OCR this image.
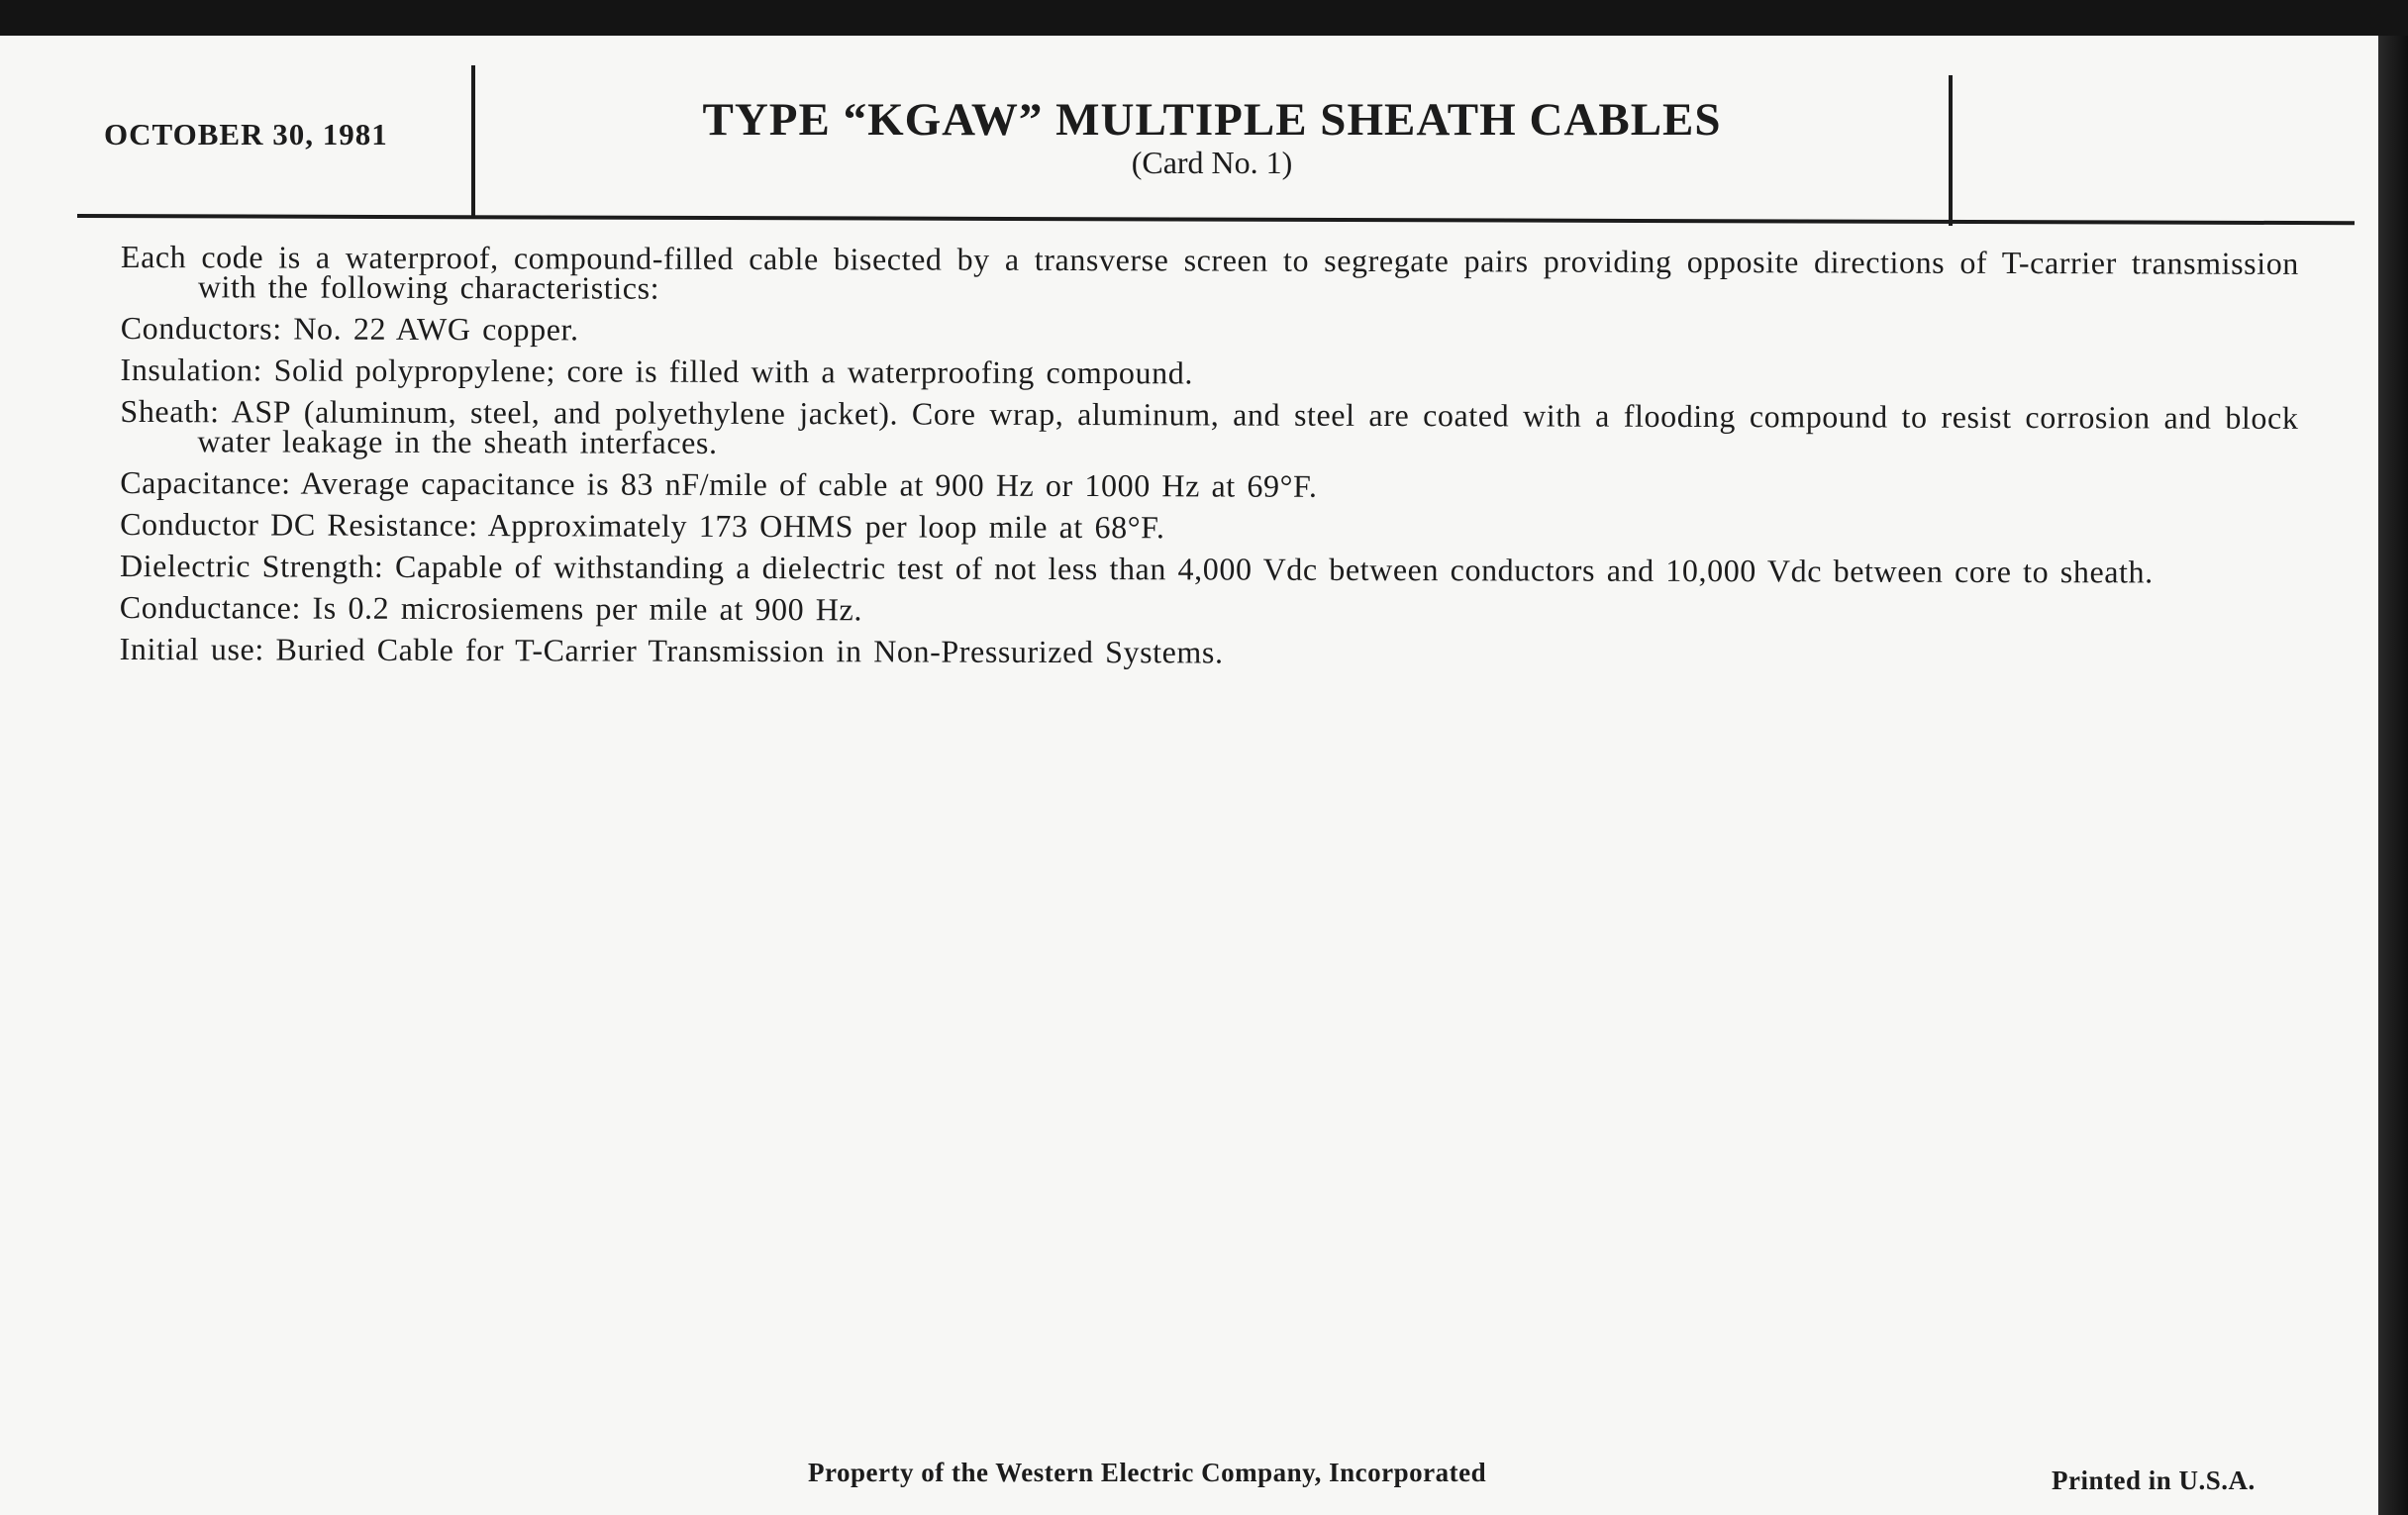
OCTOBER 30, 1981	TYPE “KGAW” MULTIPLE SHEATH CABLES
(Card No. 1)

Each code is a waterproof, compound-filled cable bisected by a transverse screen to segregate pairs providing opposite directions of T-carrier transmission with the following characteristics:

Conductors: No. 22 AWG copper.

Insulation: Solid polypropylene; core is filled with a waterproofing compound.

Sheath: ASP (aluminum, steel, and polyethylene jacket). Core wrap, aluminum, and steel are coated with a flooding compound to resist corrosion and block water leakage in the sheath interfaces.

Capacitance: Average capacitance is 83 nF/mile of cable at 900 Hz or 1000 Hz at 69°F.

Conductor DC Resistance: Approximately 173 OHMS per loop mile at 68°F.

Dielectric Strength: Capable of withstanding a dielectric test of not less than 4,000 Vdc between conductors and 10,000 Vdc between core to sheath.

Conductance: Is 0.2 microsiemens per mile at 900 Hz.

Initial use: Buried Cable for T-Carrier Transmission in Non-Pressurized Systems.

Property of the Western Electric Company, Incorporated	Printed in U.S.A.
